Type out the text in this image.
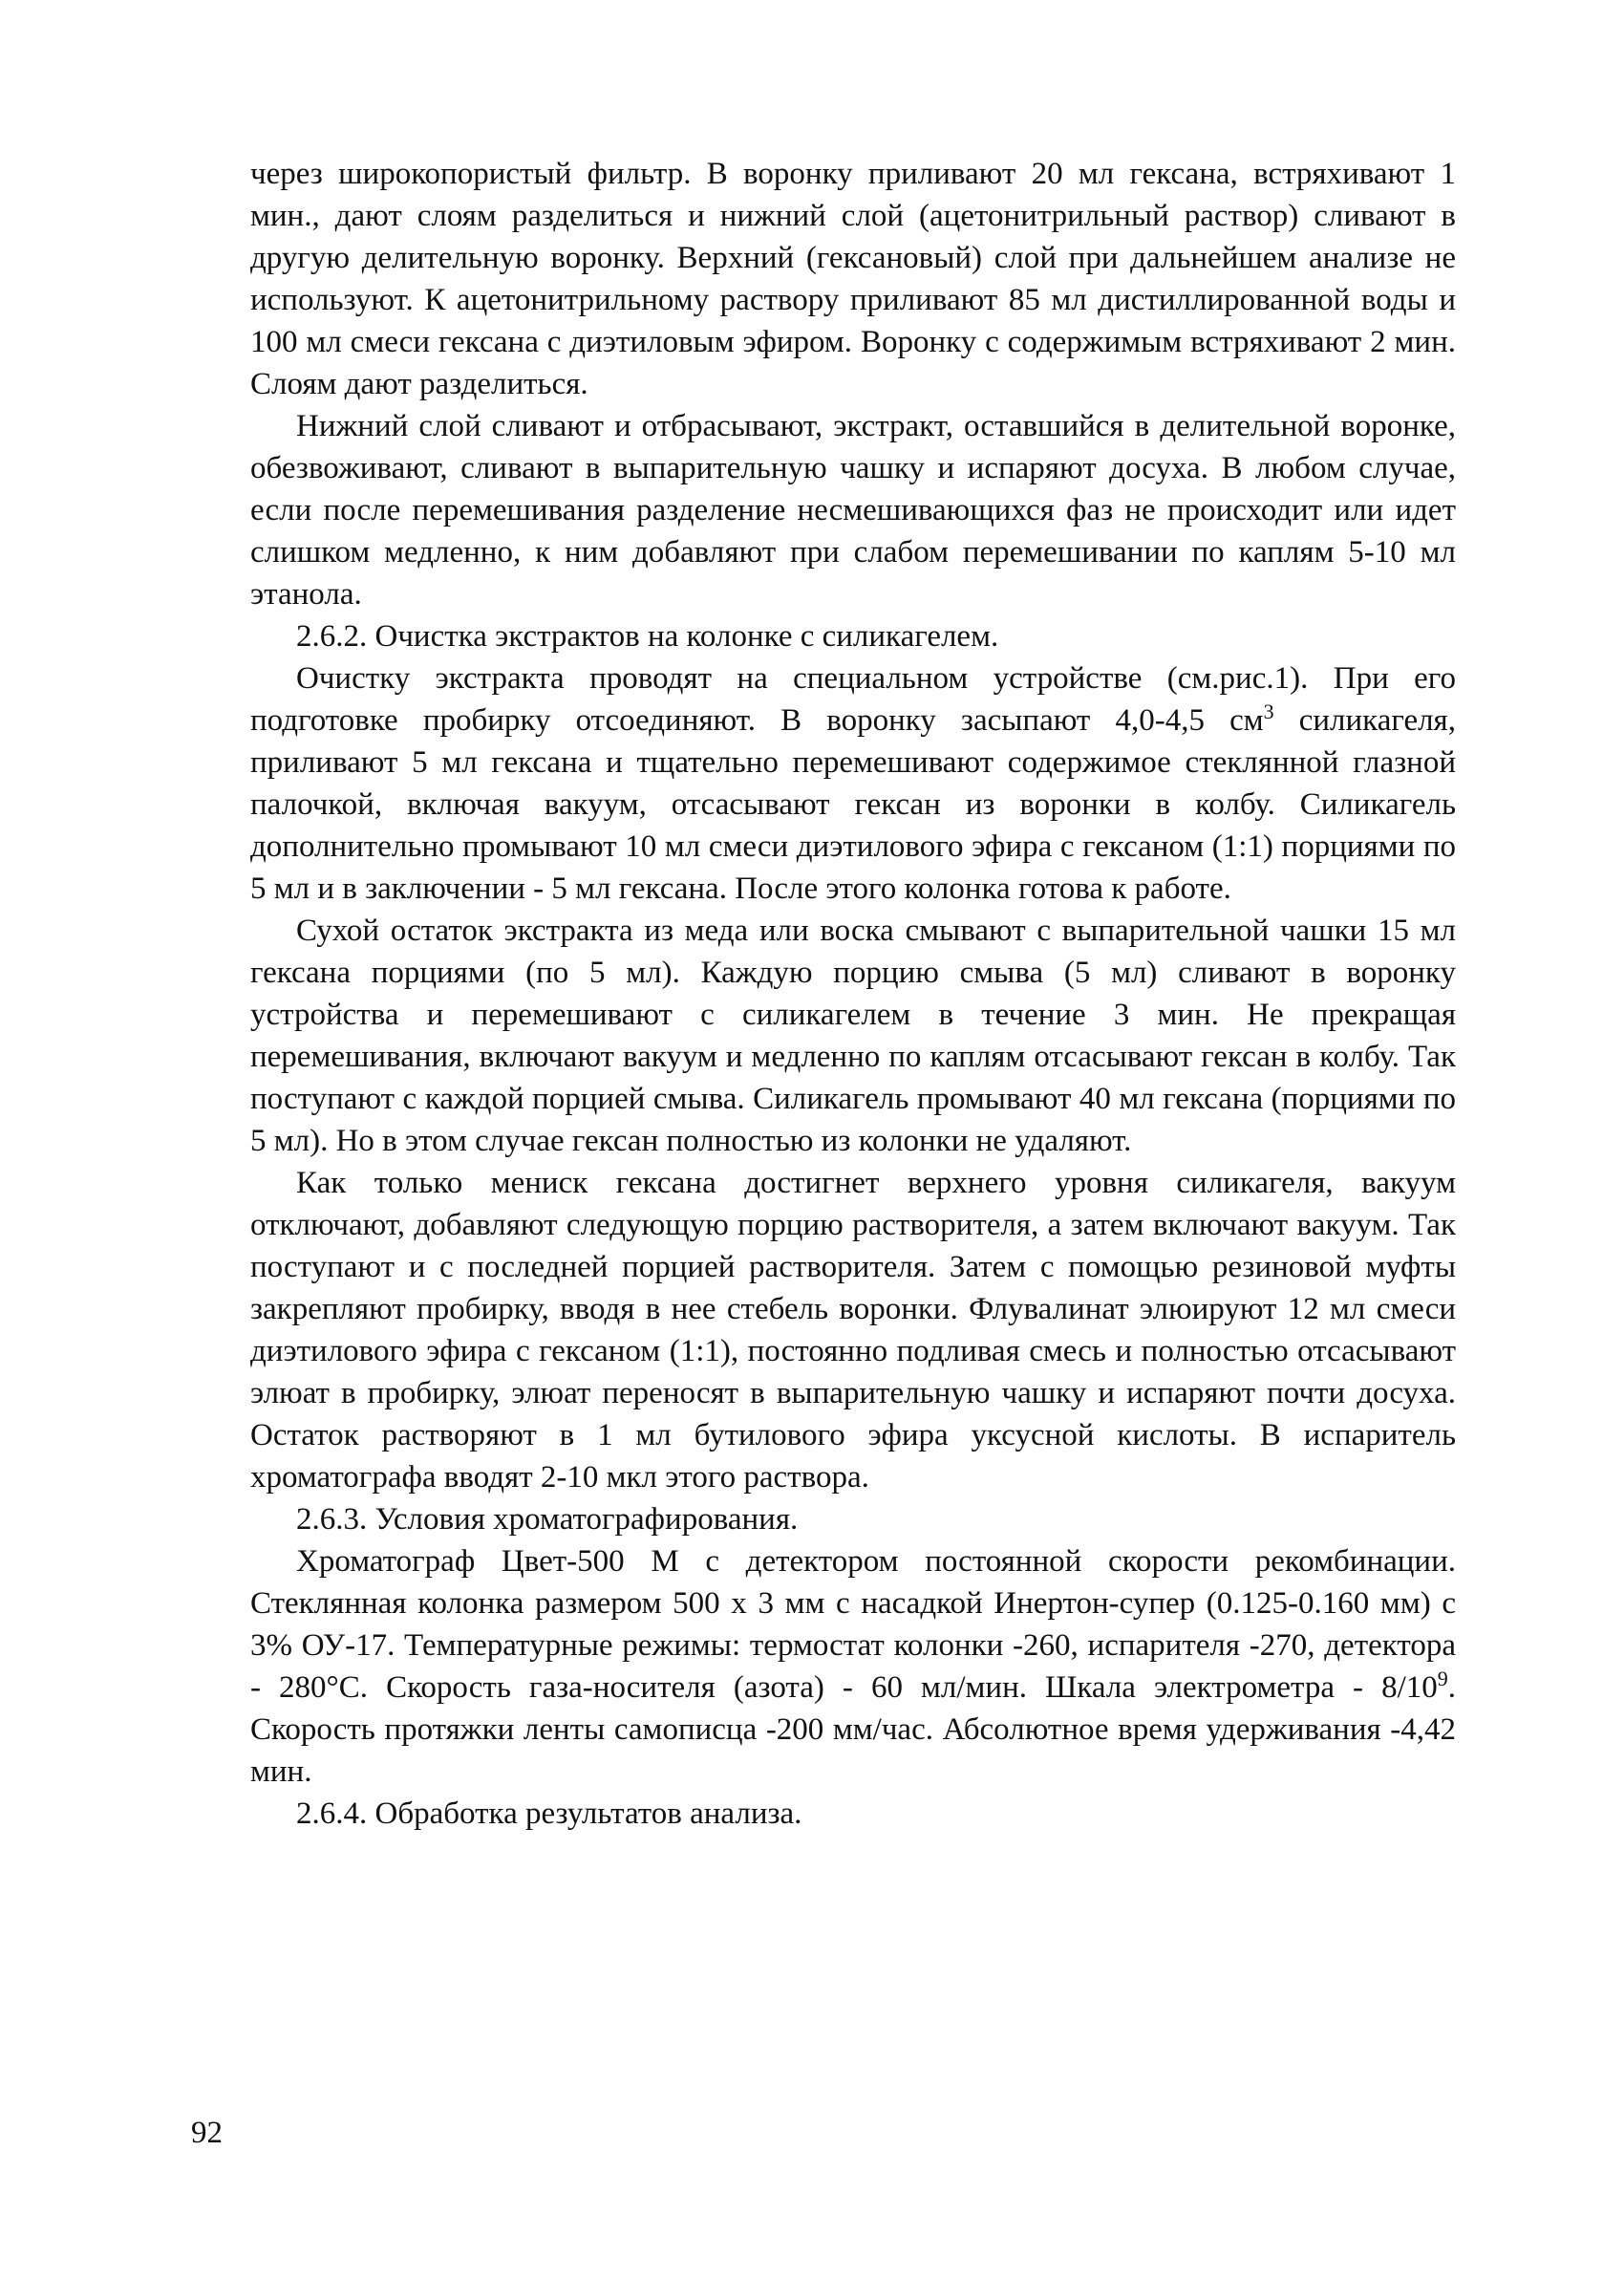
через широкопористый фильтр. В воронку приливают 20 мл гексана, встряхивают 1 мин., дают слоям разделиться и нижний слой (ацетонитрильный раствор) сливают в другую делительную воронку. Верхний (гексановый) слой при дальнейшем анализе не используют. К ацетонитрильному раствору приливают 85 мл дистиллированной воды и 100 мл смеси гексана с диэтиловым эфиром. Воронку с содержимым встряхивают 2 мин. Слоям дают разделиться.

Нижний слой сливают и отбрасывают, экстракт, оставшийся в делительной воронке, обезвоживают, сливают в выпарительную чашку и испаряют досуха. В любом случае, если после перемешивания разделение несмешивающихся фаз не происходит или идет слишком медленно, к ним добавляют при слабом перемешивании по каплям 5-10 мл этанола.

2.6.2. Очистка экстрактов на колонке с силикагелем.

Очистку экстракта проводят на специальном устройстве (см.рис.1). При его подготовке пробирку отсоединяют. В воронку засыпают 4,0-4,5 $см^3$ силикагеля, приливают 5 мл гексана и тщательно перемешивают содержимое стеклянной глазной палочкой, включая вакуум, отсасывают гексан из воронки в колбу. Силикагель дополнительно промывают 10 мл смеси диэтилового эфира с гексаном (1:1) порциями по 5 мл и в заключении - 5 мл гексана. После этого колонка готова к работе.

Сухой остаток экстракта из меда или воска смывают с выпарительной чашки 15 мл гексана порциями (по 5 мл). Каждую порцию смыва (5 мл) сливают в воронку устройства и перемешивают с силикагелем в течение 3 мин. Не прекращая перемешивания, включают вакуум и медленно по каплям отсасывают гексан в колбу. Так поступают с каждой порцией смыва. Силикагель промывают 40 мл гексана (порциями по 5 мл). Но в этом случае гексан полностью из колонки не удаляют.

Как только мениск гексана достигнет верхнего уровня силикагеля, вакуум отключают, добавляют следующую порцию растворителя, а затем включают вакуум. Так поступают и с последней порцией растворителя. Затем с помощью резиновой муфты закрепляют пробирку, вводя в нее стебель воронки. Флувалинат элюируют 12 мл смеси диэтилового эфира с гексаном (1:1), постоянно подливая смесь и полностью отсасывают элюат в пробирку, элюат переносят в выпарительную чашку и испаряют почти досуха. Остаток растворяют в 1 мл бутилового эфира уксусной кислоты. В испаритель хроматографа вводят 2-10 мкл этого раствора.

2.6.3. Условия хроматографирования.

Хроматограф Цвет-500 М с детектором постоянной скорости рекомбинации. Стеклянная колонка размером 500 х 3 мм с насадкой Инертон-супер (0.125-0.160 мм) с 3% ОУ-17. Температурные режимы: термостат колонки -260, испарителя -270, детектора - 280°С. Скорость газа-носителя (азота) - 60 мл/мин. Шкала электрометра - $8/10^9$. Скорость протяжки ленты самописца -200 мм/час. Абсолютное время удерживания -4,42 мин.

2.6.4. Обработка результатов анализа.

92
